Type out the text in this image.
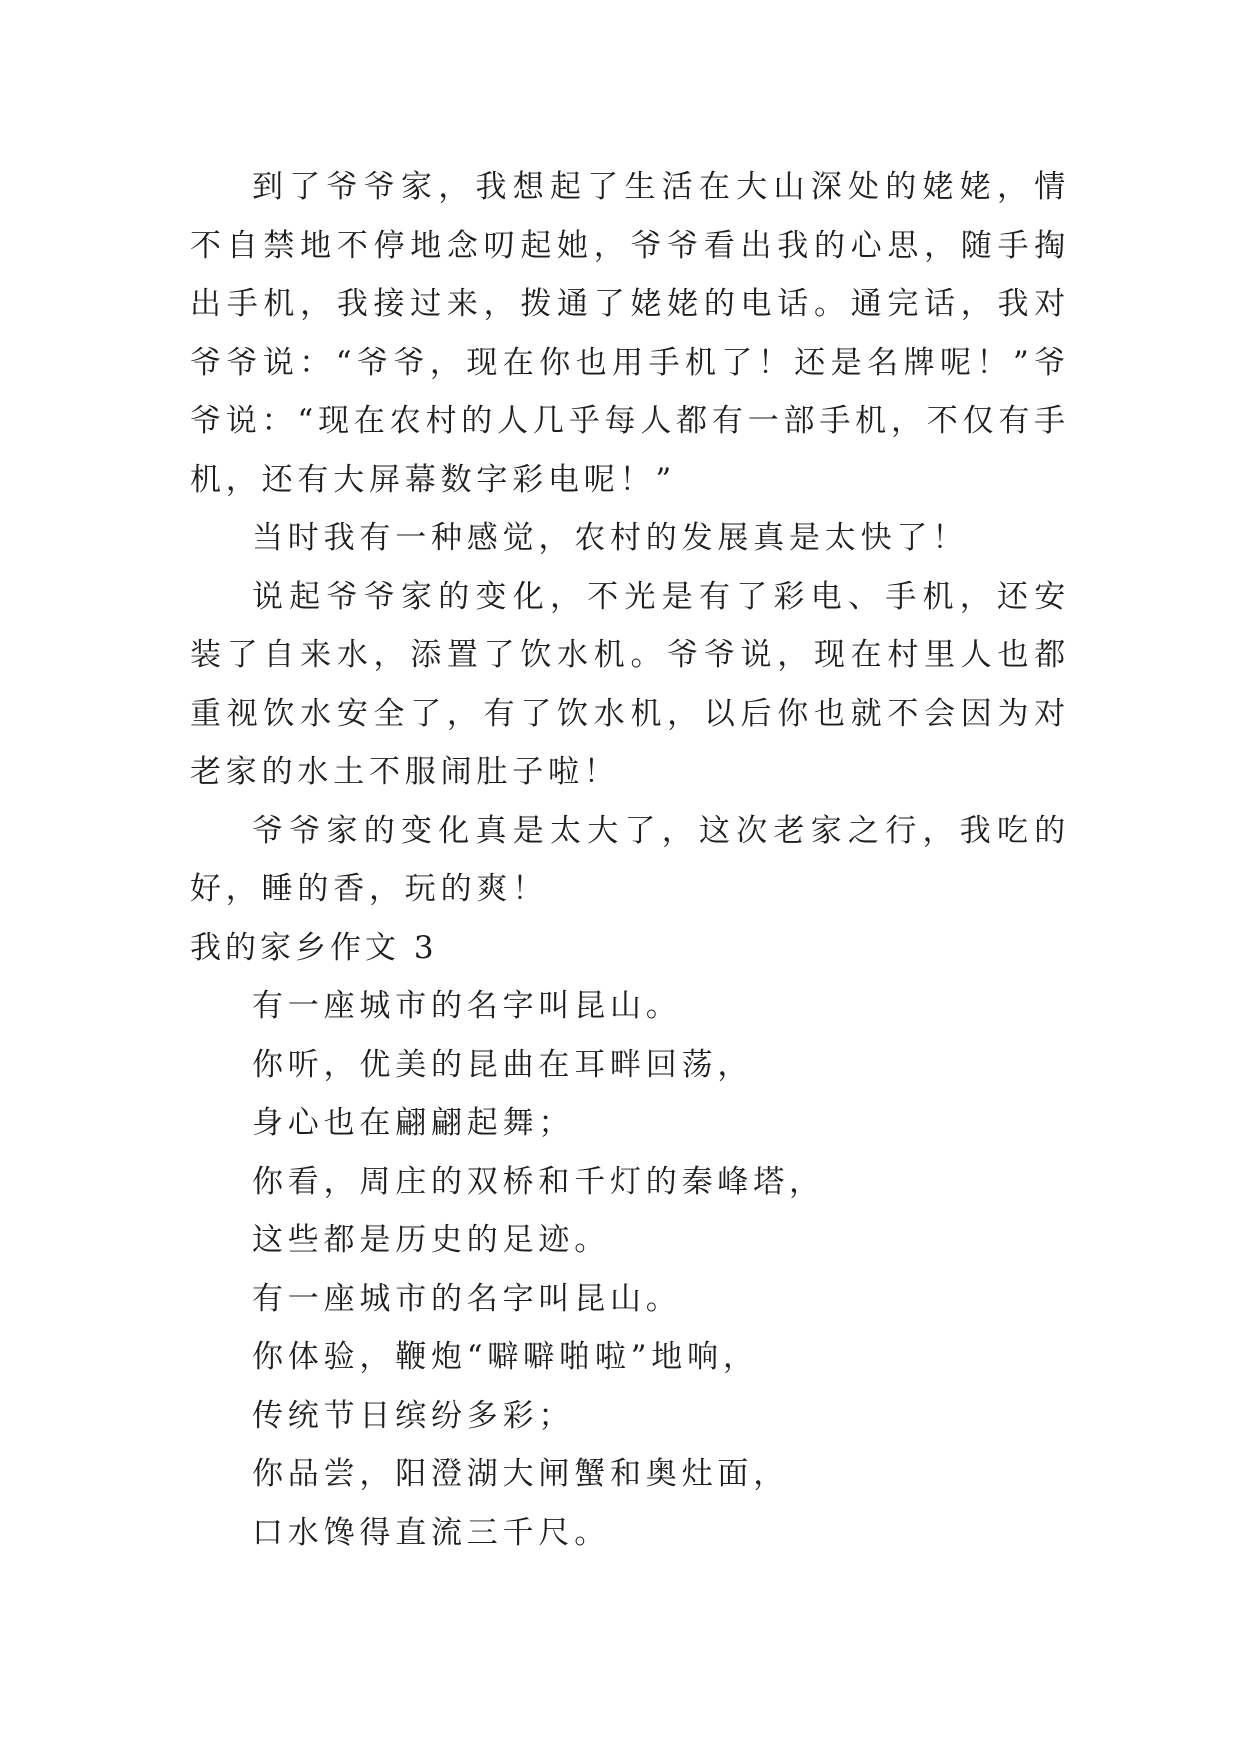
到了爷爷家，我想起了生活在大山深处的姥姥，情不自禁地不停地念叨起她，爷爷看出我的心思，随手掏出手机，我接过来，拨通了姥姥的电话。通完话，我对爷爷说：“爷爷，现在你也用手机了！还是名牌呢！”爷爷说：“现在农村的人几乎每人都有一部手机，不仅有手机，还有大屏幕数字彩电呢！”

当时我有一种感觉，农村的发展真是太快了！

说起爷爷家的变化，不光是有了彩电、手机，还安装了自来水，添置了饮水机。爷爷说，现在村里人也都重视饮水安全了，有了饮水机，以后你也就不会因为对老家的水土不服闹肚子啦！

爷爷家的变化真是太大了，这次老家之行，我吃的好，睡的香，玩的爽！

我的家乡作文 3

有一座城市的名字叫昆山。

你听，优美的昆曲在耳畔回荡，

身心也在翩翩起舞；

你看，周庄的双桥和千灯的秦峰塔，

这些都是历史的足迹。

有一座城市的名字叫昆山。

你体验，鞭炮“噼噼啪啦”地响，

传统节日缤纷多彩；

你品尝，阳澄湖大闸蟹和奥灶面，

口水馋得直流三千尺。
